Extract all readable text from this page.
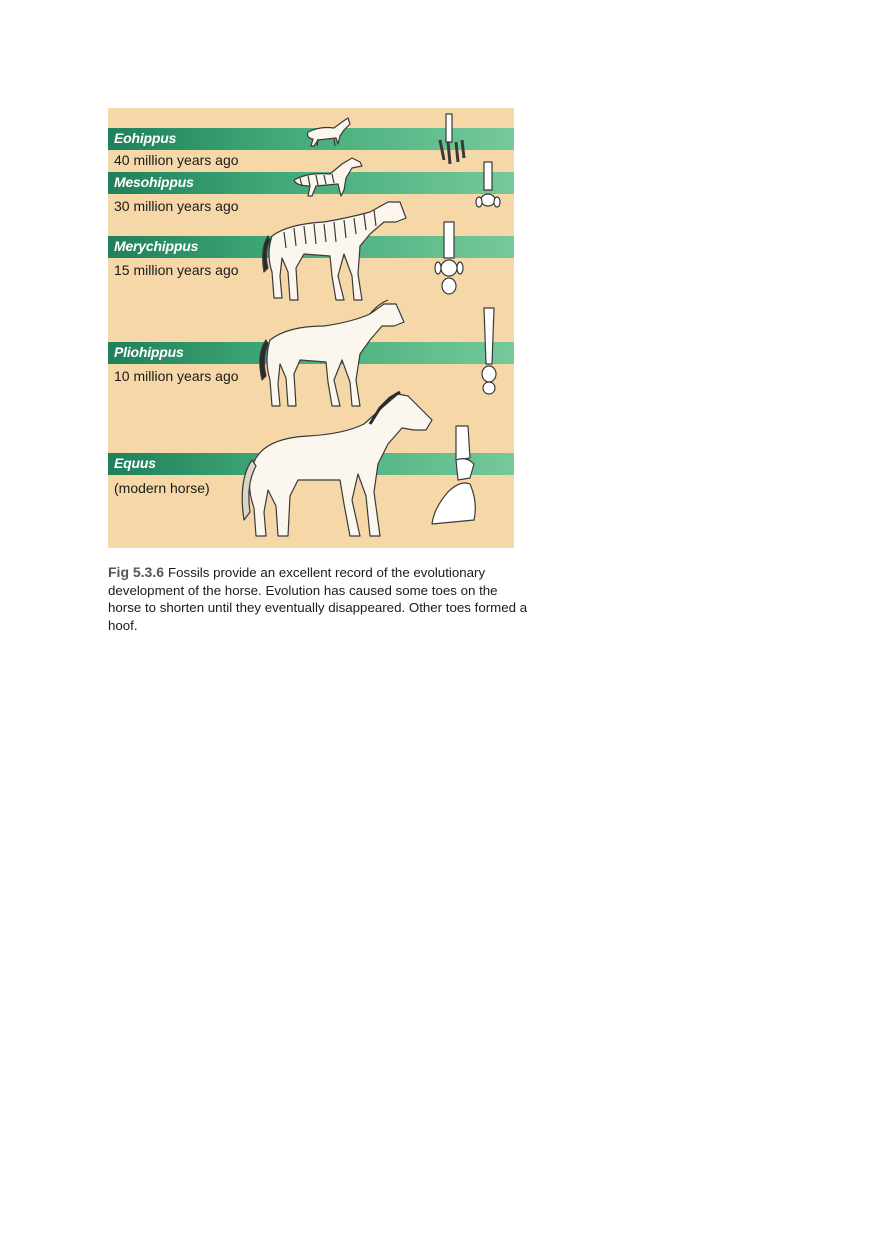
Eohippus
40 million years ago
Mesohippus
30 million years ago
Merychippus
15 million years ago
Pliohippus
10 million years ago
Equus
(modern horse)
Fig 5.3.6 Fossils provide an excellent record of the evolutionary development of the horse. Evolution has caused some toes on the horse to shorten until they eventually disappeared. Other toes formed a hoof.
